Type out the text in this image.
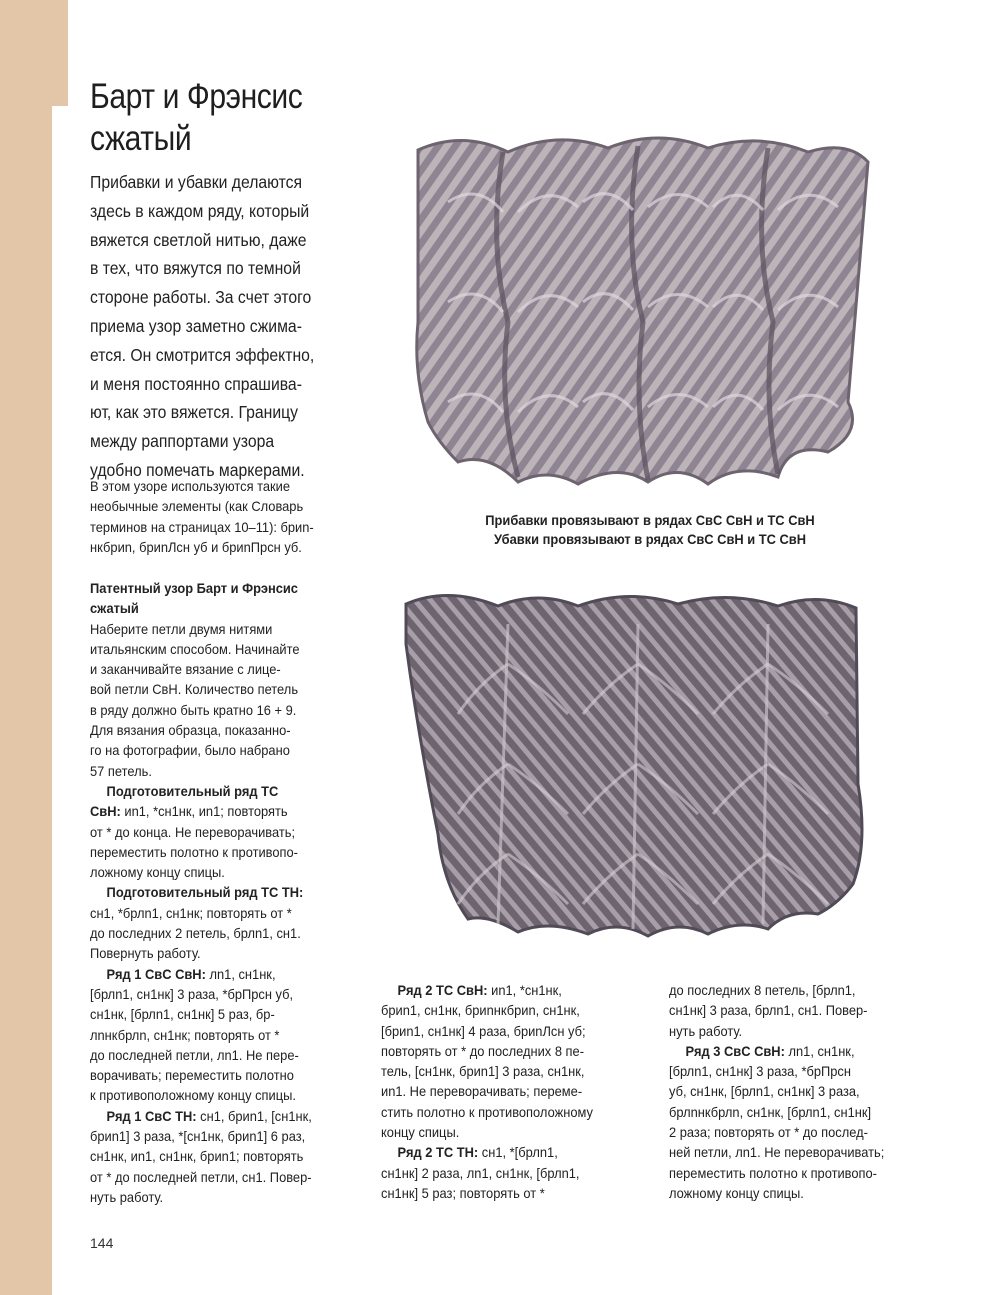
Барт и Фрэнсис
сжатый
Прибавки и убавки делаются
здесь в каждом ряду, который
вяжется светлой нитью, даже
в тех, что вяжутся по темной
стороне работы. За счет этого
приема узор заметно сжима-
ется. Он смотрится эффектно,
и меня постоянно спрашива-
ют, как это вяжется. Границу
между раппортами узора
удобно помечать маркерами.
В этом узоре используются такие
необычные элементы (как Словарь
терминов на страницах 10–11): бриn-
нкбриn, бриnЛсн уб и бриnПрсн уб.
Патентный узор Барт и Фрэнсис
сжатый
Наберите петли двумя нитями
итальянским способом. Начинайте
и заканчивайте вязание с лице-
вой петли СвН. Количество петель
в ряду должно быть кратно 16 + 9.
Для вязания образца, показанно-
го на фотографии, было набрано
57 петель.
Подготовительный ряд ТС
СвН: иn1, *сн1нк, иn1; повторять
от * до конца. Не переворачивать;
переместить полотно к противопо-
ложному концу спицы.
Подготовительный ряд ТС ТН:
сн1, *брлn1, сн1нк; повторять от *
до последних 2 петель, брлn1, сн1.
Повернуть работу.
Ряд 1 СвС СвН: лn1, сн1нк,
[брлn1, сн1нк] 3 раза, *брПрсн уб,
сн1нк, [брлn1, сн1нк] 5 раз, бр-
лnнкбрлn, сн1нк; повторять от *
до последней петли, лn1. Не пере-
ворачивать; переместить полотно
к противоположному концу спицы.
Ряд 1 СвС ТН: сн1, бриn1, [сн1нк,
бриn1] 3 раза, *[сн1нк, бриn1] 6 раз,
сн1нк, иn1, сн1нк, бриn1; повторять
от * до последней петли, сн1. Повер-
нуть работу.
Прибавки провязывают в рядах СвС СвН и ТС СвН
Убавки провязывают в рядах СвС СвН и ТС СвН
Ряд 2 ТС СвН: иn1, *сн1нк,
бриn1, сн1нк, бриnнкбриn, сн1нк,
[бриn1, сн1нк] 4 раза, бриnЛсн уб;
повторять от * до последних 8 пе-
тель, [сн1нк, бриn1] 3 раза, сн1нк,
иn1. Не переворачивать; переме-
стить полотно к противоположному
концу спицы.
Ряд 2 ТС ТН: сн1, *[брлn1,
сн1нк] 2 раза, лn1, сн1нк, [брлn1,
сн1нк] 5 раз; повторять от *
до последних 8 петель, [брлn1,
сн1нк] 3 раза, брлn1, сн1. Повер-
нуть работу.
Ряд 3 СвС СвН: лn1, сн1нк,
[брлn1, сн1нк] 3 раза, *брПрсн
уб, сн1нк, [брлn1, сн1нк] 3 раза,
брлnнкбрлn, сн1нк, [брлn1, сн1нк]
2 раза; повторять от * до послед-
ней петли, лn1. Не переворачивать;
переместить полотно к противопо-
ложному концу спицы.
144
